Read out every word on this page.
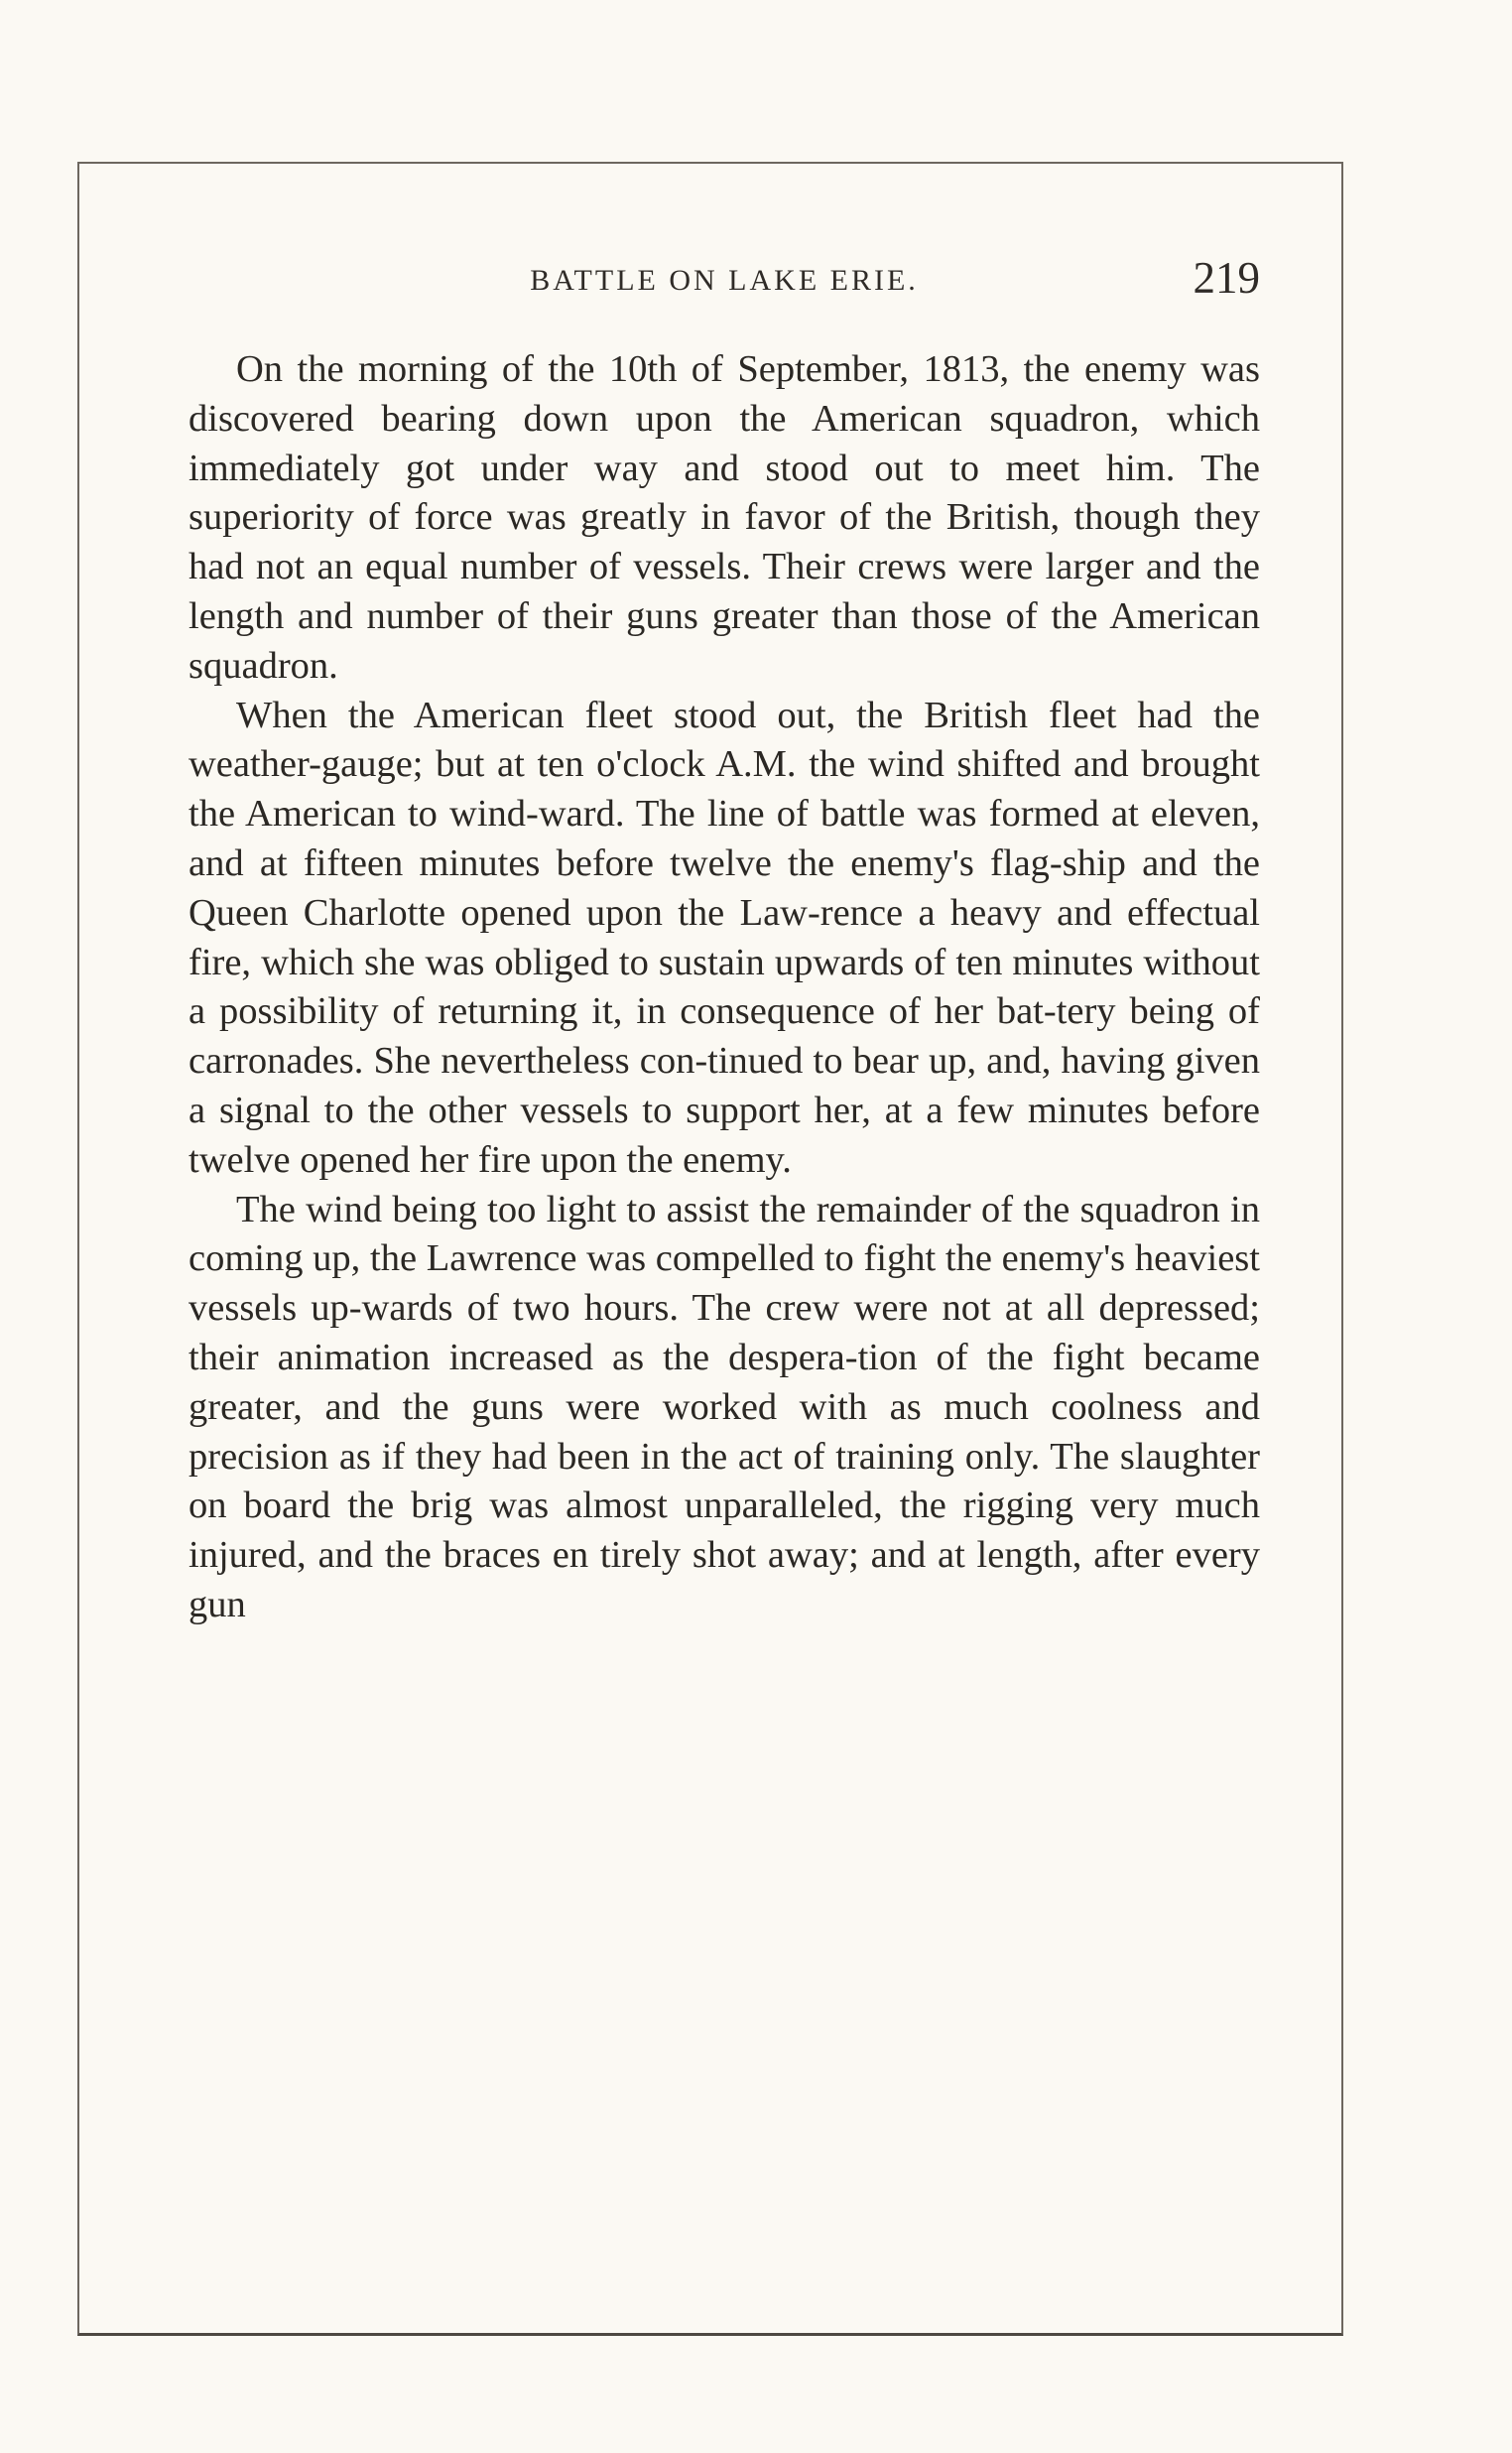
BATTLE ON LAKE ERIE.	219

On the morning of the 10th of September, 1813, the enemy was discovered bearing down upon the American squadron, which immediately got under way and stood out to meet him. The superiority of force was greatly in favor of the British, though they had not an equal number of vessels. Their crews were larger and the length and number of their guns greater than those of the American squadron.

When the American fleet stood out, the British fleet had the weather-gauge; but at ten o'clock A.M. the wind shifted and brought the American to wind-ward. The line of battle was formed at eleven, and at fifteen minutes before twelve the enemy's flag-ship and the Queen Charlotte opened upon the Law-rence a heavy and effectual fire, which she was obliged to sustain upwards of ten minutes without a possibility of returning it, in consequence of her bat-tery being of carronades. She nevertheless con-tinued to bear up, and, having given a signal to the other vessels to support her, at a few minutes before twelve opened her fire upon the enemy.

The wind being too light to assist the remainder of the squadron in coming up, the Lawrence was compelled to fight the enemy's heaviest vessels up-wards of two hours. The crew were not at all depressed; their animation increased as the despera-tion of the fight became greater, and the guns were worked with as much coolness and precision as if they had been in the act of training only. The slaughter on board the brig was almost unparalleled, the rigging very much injured, and the braces en tirely shot away; and at length, after every gun
